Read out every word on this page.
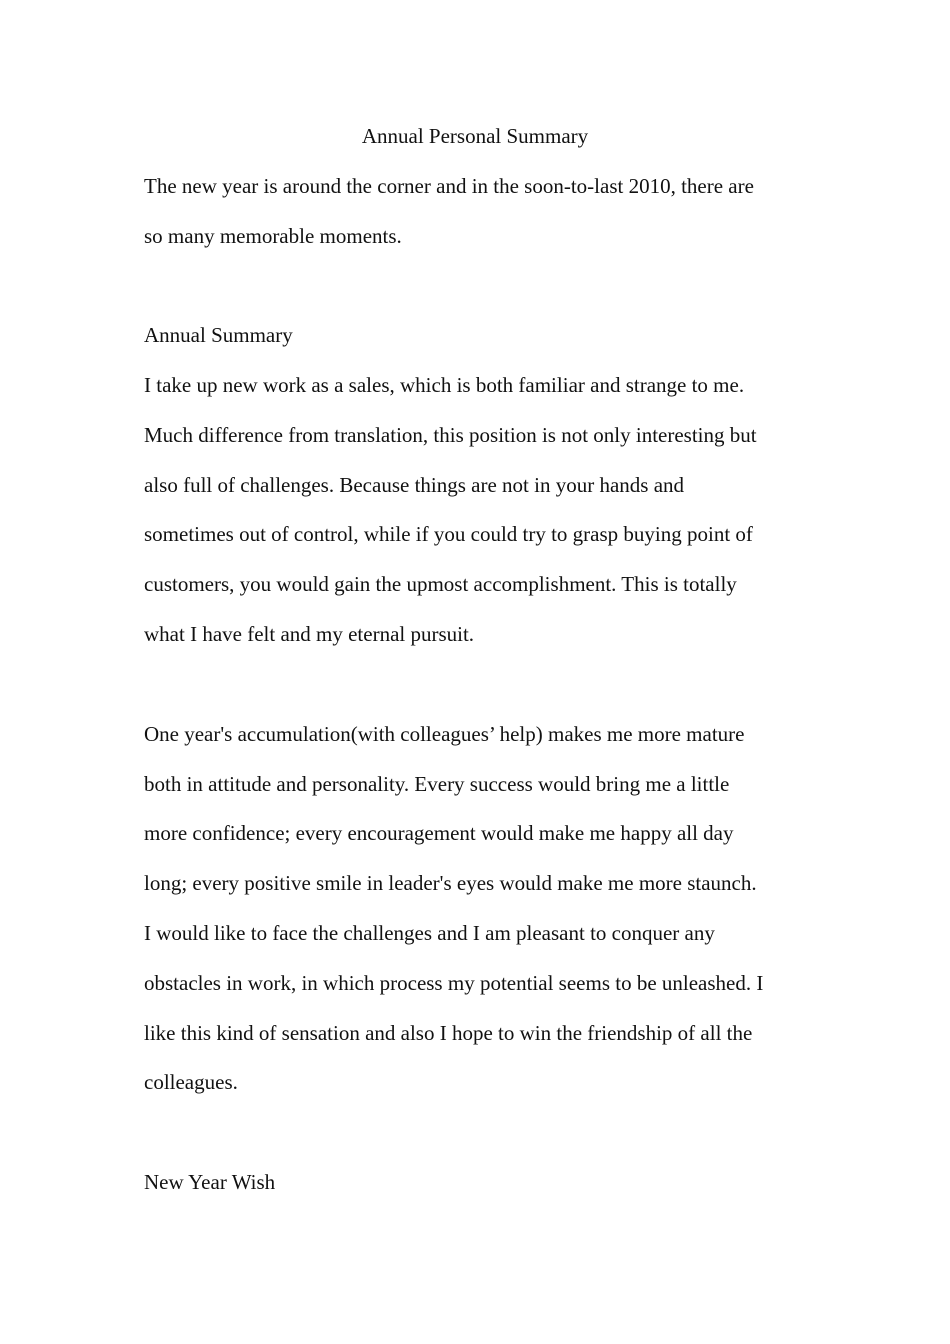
Annual Personal Summary
The new year is around the corner and in the soon-to-last 2010, there are
so many memorable moments.
Annual Summary
I take up new work as a sales, which is both familiar and strange to me.
Much difference from translation, this position is not only interesting but
also full of challenges. Because things are not in your hands and
sometimes out of control, while if you could try to grasp buying point of
customers, you would gain the upmost accomplishment. This is totally
what I have felt and my eternal pursuit.
One year's accumulation(with colleagues’ help) makes me more mature
both in attitude and personality. Every success would bring me a little
more confidence; every encouragement would make me happy all day
long; every positive smile in leader's eyes would make me more staunch.
I would like to face the challenges and I am pleasant to conquer any
obstacles in work, in which process my potential seems to be unleashed. I
like this kind of sensation and also I hope to win the friendship of all the
colleagues.
New Year Wish
